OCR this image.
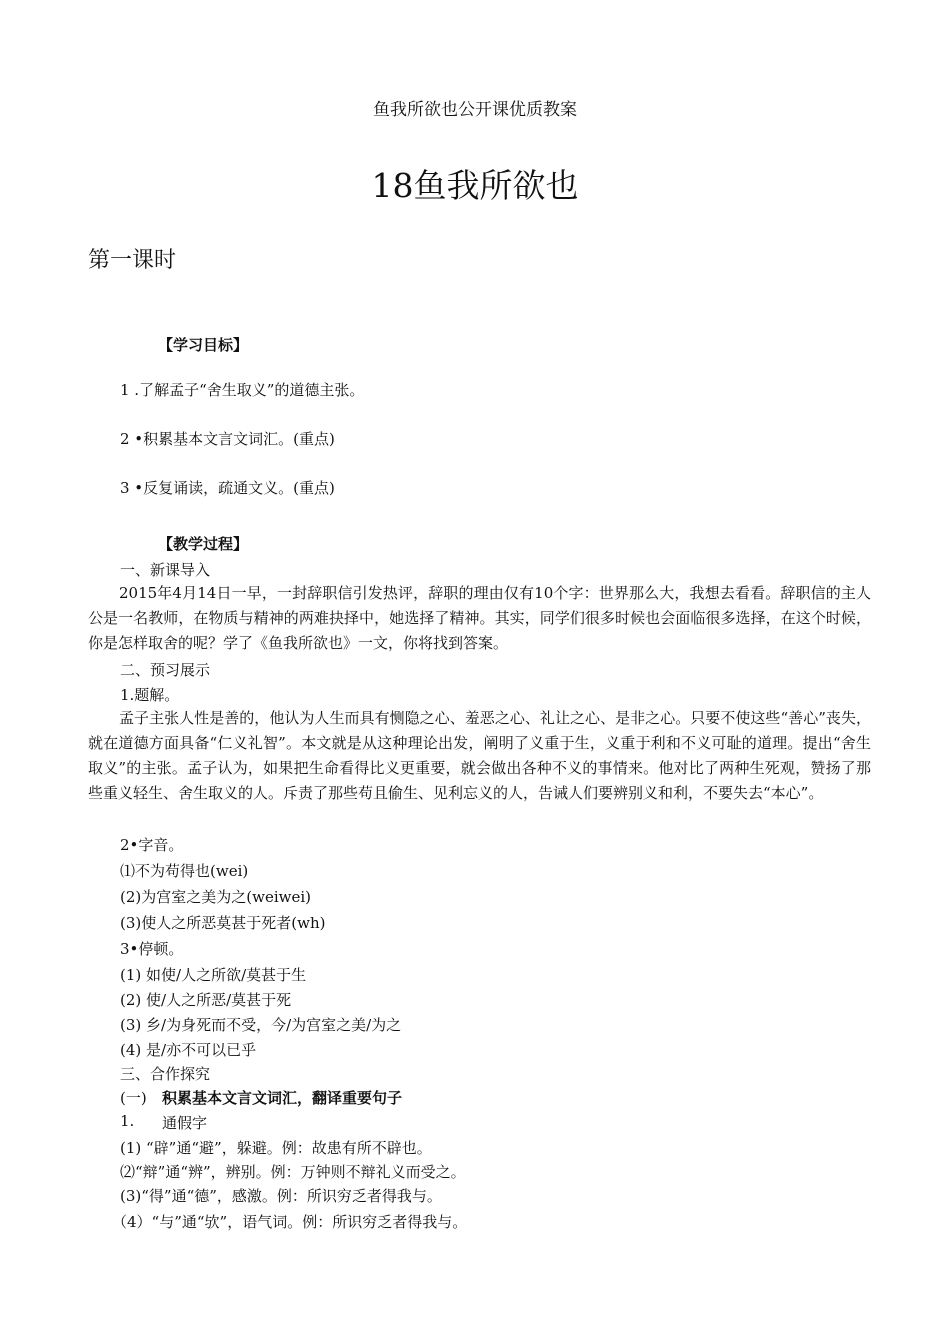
鱼我所欲也公开课优质教案
18鱼我所欲也
第一课时
【学习目标】
1 .了解孟子“舍生取义”的道德主张。
2 •积累基本文言文词汇。(重点)
3 •反复诵读，疏通文义。(重点)
【教学过程】
一、新课导入
2015年4月14日一早，一封辞职信引发热评，辞职的理由仅有10个字：世界那么大，我想去看看。辞职信的主人公是一名教师，在物质与精神的两难抉择中，她选择了精神。其实，同学们很多时候也会面临很多选择，在这个时候，你是怎样取舍的呢？学了《鱼我所欲也》一文，你将找到答案。
二、预习展示
1.题解。
孟子主张人性是善的，他认为人生而具有恻隐之心、羞恶之心、礼让之心、是非之心。只要不使这些“善心”丧失，就在道德方面具备“仁义礼智”。本文就是从这种理论出发，阐明了义重于生，义重于利和不义可耻的道理。提出“舍生取义”的主张。孟子认为，如果把生命看得比义更重要，就会做出各种不义的事情来。他对比了两种生死观，赞扬了那些重义轻生、舍生取义的人。斥责了那些苟且偷生、见利忘义的人，告诫人们要辨别义和利，不要失去“本心”。
2•字音。
⑴不为苟得也(wei)
(2)为宫室之美为之(weiwei)
(3)使人之所恶莫甚于死者(wh)
3•停顿。
(1) 如使/人之所欲/莫甚于生
(2) 使/人之所恶/莫甚于死
(3) 乡/为身死而不受，今/为宫室之美/为之
(4) 是/亦不可以已乎
三、合作探究
(一) 积累基本文言文词汇，翻译重要句子
1. 通假字
(1) “辟”通“避”，躲避。例：故患有所不辟也。
⑵“辩”通“辨”，辨别。例：万钟则不辩礼义而受之。
(3)“得”通“德”，感激。例：所识穷乏者得我与。
（4）“与”通“欤”，语气词。例：所识穷乏者得我与。
